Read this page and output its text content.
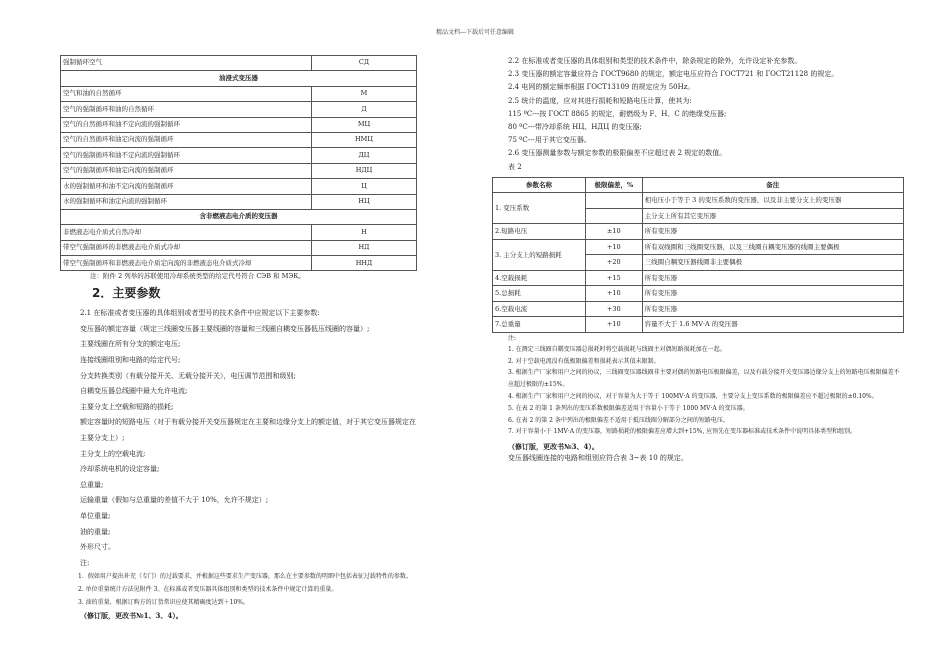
精品文档---下载后可任意编辑
强制循环空气	СД
油浸式变压器	
空气和油的自然循环	М
空气的强制循环和油的自然循环	Д
空气的自然循环和油不定向流的强制循环	МЦ
空气的自然循环和油定向流的强制循环	НМЦ
空气的强制循环和油不定向流的强制循环	ДЦ
空气的强制循环和油定向流的强制循环	НДЦ
水的强制循环和油不定向流的强制循环	Ц
水的强制循环和油定向流的强制循环	НЦ
含非燃液态电介质的变压器	
非燃液态电介质式自然冷却	Н
带空气强制循环的非燃液态电介质式冷却	НД
带空气强制循环和非燃液态电介质定向流的非燃液态电介质式冷却	ННД
注：附件 2 列举的苏联使用冷却系统类型的给定代号符合 СЭВ 和 МЭК。
2．主要参数

2.1 在标准或者变压器的具体组别或者型号的技术条件中应规定以下主要参数:

变压器的额定容量（规定三线圈变压器主要线圈的容量和三线圈自耦变压器低压线圈的容量）;

主要线圈在所有分支的额定电压;

连接线圈组别和电路的给定代号;

分支转换类别（有载分接开关、无载分接开关），电压调节范围和级别;

自耦变压器总线圈中最大允许电流;

主要分支上空载和短路的损耗;

额定容量时的短路电压（对于有载分接开关变压器规定在主要和边缘分支上的额定值，对于其它变压器规定在主要分支上）;

主分支上的空载电流;

冷却系统电机的设定容量;

总重量;

运输重量（假如与总重量的差值不大于 10%，允许不规定）;

单位重量;

油的重量;

外形尺寸。

注:

1．假如用户提出补充（专门）的过载要求，并根据这些要求生产变压器，那么在主要参数的明细中包括表征过载特性的参数。

2. 单位重量统计方法见附件 3。在标准或者变压器具体组别和类型的技术条件中规定计算的重量。

3. 油的重量，根据订购方的订货常识应使其精确度达到＋10%。

（修订版，更改书№1、3、4）。

2.2 在标准或者变压器的具体组别和类型的技术条件中，除条规定的除外，允许设定补充参数。

2.3 变压器的额定容量应符合 ГОСТ9680 的规定，额定电压应符合 ГОСТ721 和 ГОСТ21128 的规定。

2.4 电网的额定频率根据 ГОСТ13109 的规定应为 50Hz。

2.5 统计的温度，应对其进行损耗和短路电压计算，使其为:

115 ºC---按 ГОСТ 8865 的规定，耐燃级为 F、H、C 的绝缘变压器;

80 ºC---带冷却系统 НЦ、НДЦ 的变压器;

75 ºC---用于其它变压器。

2.6 变压器测量参数与额定参数的极限偏差不应超过表 2 规定的数值。

表 2

参数名称	极限偏差，%	备注
1. 变压系数		相电压小于等于 3 的变压系数的变压器，以及非主要分支上的变压器
		主分支上所有其它变压器
2.短路电压	±10	所有变压器
3. 主分支上的短路损耗	+10	所有双线圈和三线圈变压器，以及三线圈自耦变压器的线圈主要偶极
	+20	三线圈自耦变压器线圈非主要偶极
4.空载损耗	+15	所有变压器
5.总损耗	+10	所有变压器
6.空载电流	+30	所有变压器
7.总重量	+10	容量不大于 1.6 MV·A 的变压器

注:

1. 在测定三线圈自耦变压器总损耗时将空载损耗与线圈主对偶短路损耗加在一起。

2. 对于空载电流没有低极限偏差和损耗表示其值未限制。

3. 根据生产厂家和用户之间的协议，三线圈变压器线圈非主要对偶的短路电压极限偏差，以及有载分接开关变压器边缘分支上的短路电压极限偏差不应超过极限的±15%。

4. 根据生产厂家和用户之间的协议，对于容量为大于等于 100MV·A 的变压器，主要分支上变压系数的极限偏差应不超过极限的±0.10%。

5. 在表 2 的第 1 条列出的变压系数极限偏差适用于容量小于等于 1000 MV·A 的变压器。

6. 在表 2 的第 2 条中列出的极限偏差不适用于抵压线圈分解部分之间的短路电压。

7. 对于容量小于 1MV·A 的变压器，短路损耗的极限偏差应增大到+15%, 应预先在变压器标准或技术条件中说明具体类型和组别。

（修订版，更改书№3、4）。

变压器线圈连接的电路和组别应符合表 3~表 10 的规定。
